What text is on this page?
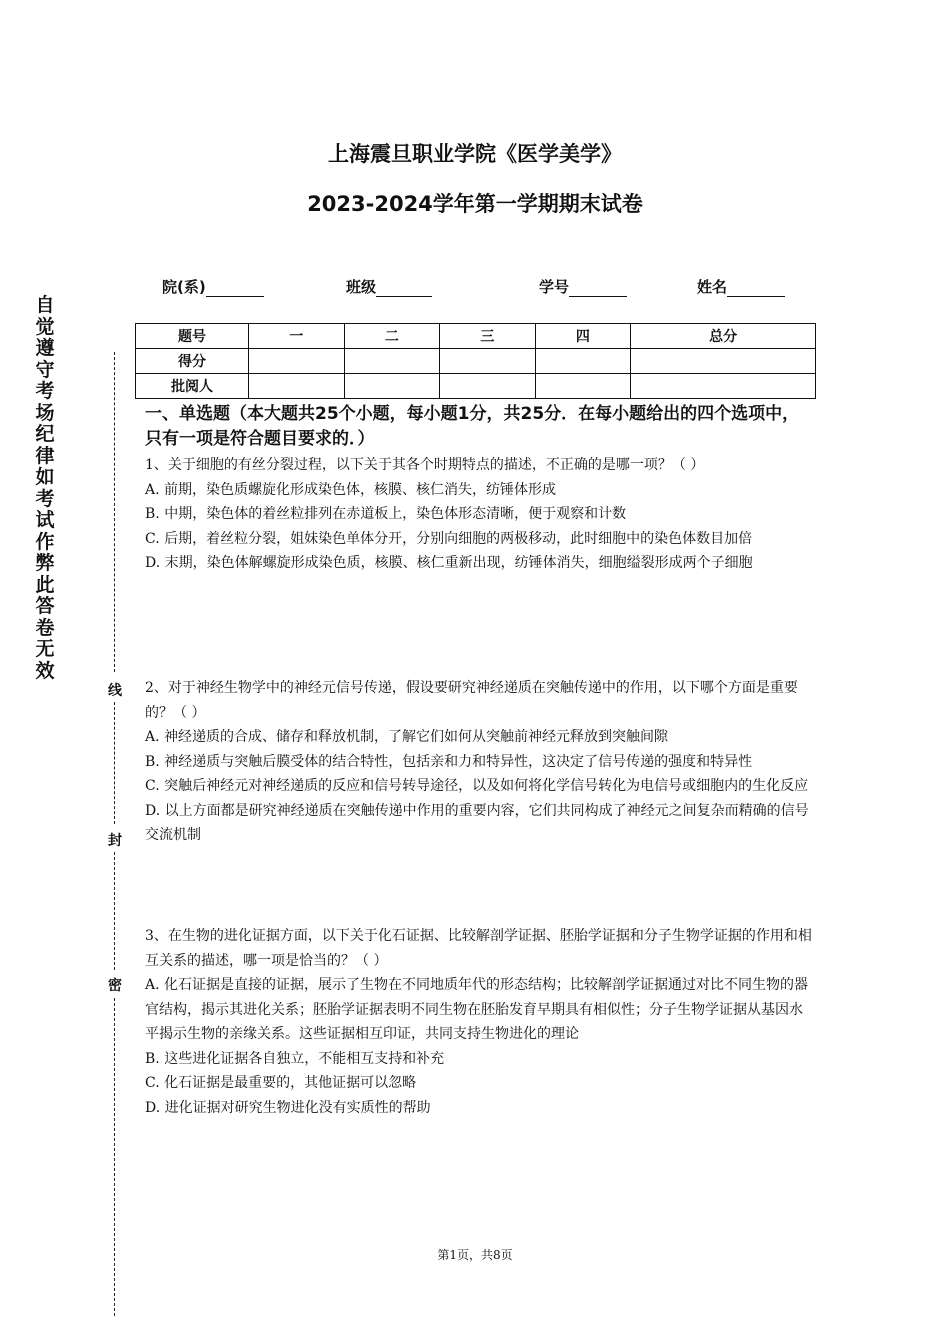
上海震旦职业学院《医学美学》
2023-2024学年第一学期期末试卷
院(系)	班级	学号	姓名
题号	一	二	三	四	总分
得分					
批阅人					
自觉遵守考场纪律如考试作弊此答卷无效
线
封
密
一、单选题（本大题共25个小题，每小题1分，共25分．在每小题给出的四个选项中，只有一项是符合题目要求的．）

1、关于细胞的有丝分裂过程，以下关于其各个时期特点的描述，不正确的是哪一项？（ ）

A. 前期，染色质螺旋化形成染色体，核膜、核仁消失，纺锤体形成

B. 中期，染色体的着丝粒排列在赤道板上，染色体形态清晰，便于观察和计数

C. 后期，着丝粒分裂，姐妹染色单体分开，分别向细胞的两极移动，此时细胞中的染色体数目加倍

D. 末期，染色体解螺旋形成染色质，核膜、核仁重新出现，纺锤体消失，细胞缢裂形成两个子细胞

2、对于神经生物学中的神经元信号传递，假设要研究神经递质在突触传递中的作用，以下哪个方面是重要的？（ ）

A. 神经递质的合成、储存和释放机制，了解它们如何从突触前神经元释放到突触间隙

B. 神经递质与突触后膜受体的结合特性，包括亲和力和特异性，这决定了信号传递的强度和特异性

C. 突触后神经元对神经递质的反应和信号转导途径，以及如何将化学信号转化为电信号或细胞内的生化反应

D. 以上方面都是研究神经递质在突触传递中作用的重要内容，它们共同构成了神经元之间复杂而精确的信号交流机制

3、在生物的进化证据方面，以下关于化石证据、比较解剖学证据、胚胎学证据和分子生物学证据的作用和相互关系的描述，哪一项是恰当的？（ ）

A. 化石证据是直接的证据，展示了生物在不同地质年代的形态结构；比较解剖学证据通过对比不同生物的器官结构，揭示其进化关系；胚胎学证据表明不同生物在胚胎发育早期具有相似性；分子生物学证据从基因水平揭示生物的亲缘关系。这些证据相互印证，共同支持生物进化的理论

B. 这些进化证据各自独立，不能相互支持和补充

C. 化石证据是最重要的，其他证据可以忽略

D. 进化证据对研究生物进化没有实质性的帮助

第1页，共8页
